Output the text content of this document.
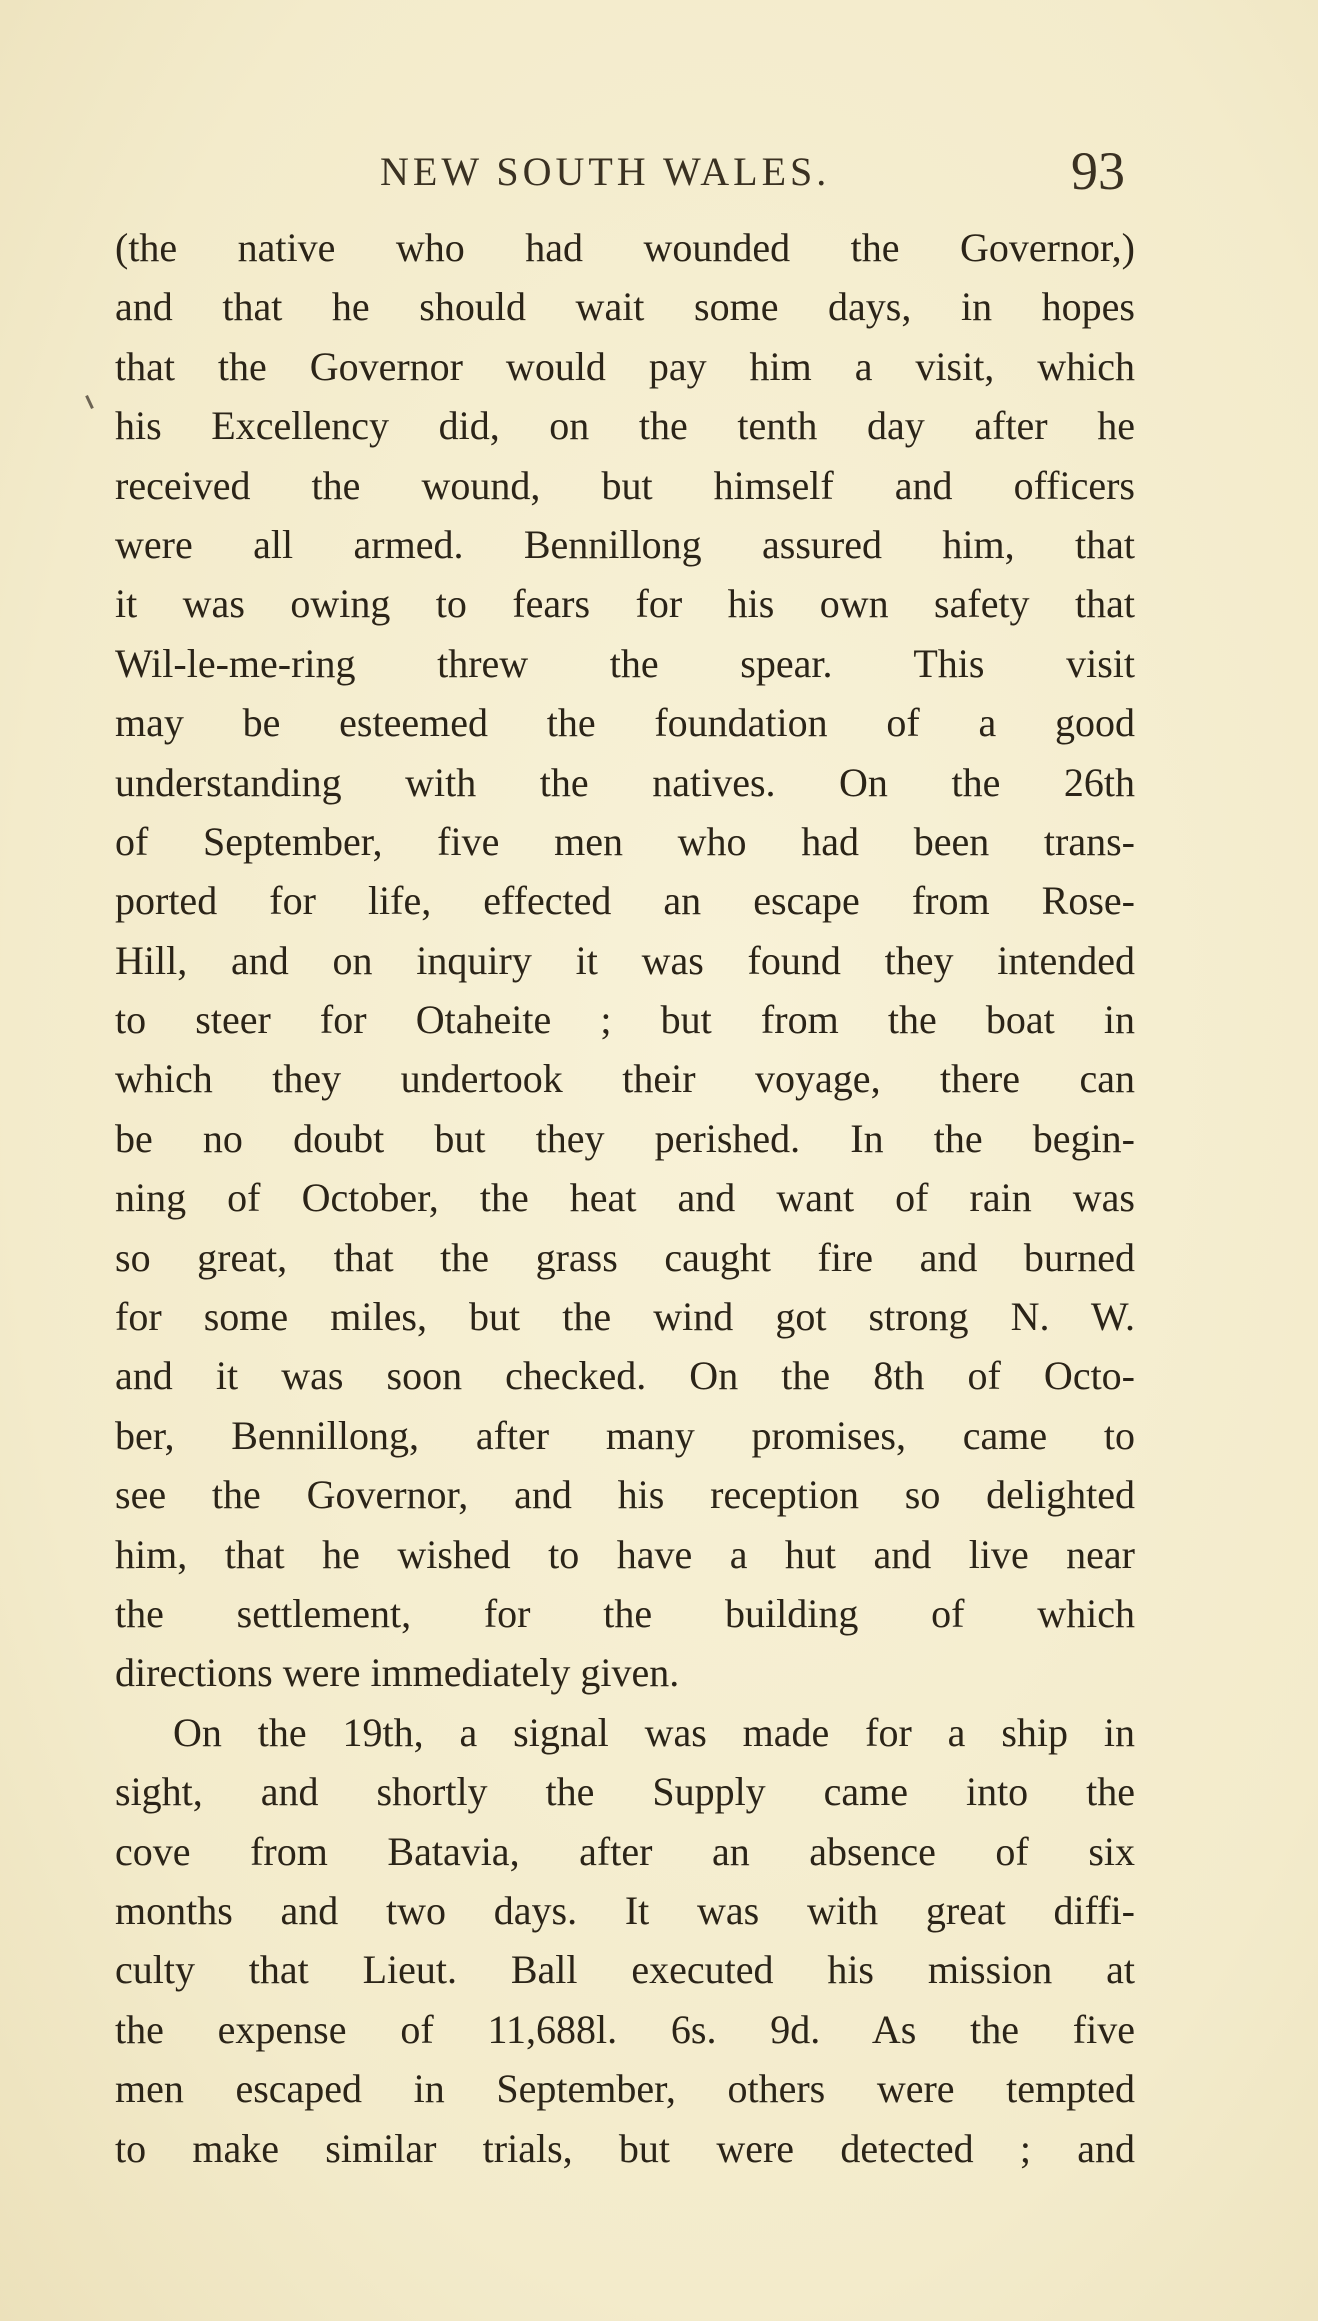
NEW SOUTH WALES.	93
(the native who had wounded the Governor,)
and that he should wait some days, in hopes
that the Governor would pay him a visit, which
his Excellency did, on the tenth day after he
received the wound, but himself and officers
were all armed. Bennillong assured him, that
it was owing to fears for his own safety that
Wil-le-me-ring threw the spear. This visit
may be esteemed the foundation of a good
understanding with the natives. On the 26th
of September, five men who had been trans-
ported for life, effected an escape from Rose-
Hill, and on inquiry it was found they intended
to steer for Otaheite ; but from the boat in
which they undertook their voyage, there can
be no doubt but they perished. In the begin-
ning of October, the heat and want of rain was
so great, that the grass caught fire and burned
for some miles, but the wind got strong N. W.
and it was soon checked. On the 8th of Octo-
ber, Bennillong, after many promises, came to
see the Governor, and his reception so delighted
him, that he wished to have a hut and live near
the settlement, for the building of which
directions were immediately given.
On the 19th, a signal was made for a ship in
sight, and shortly the Supply came into the
cove from Batavia, after an absence of six
months and two days. It was with great diffi-
culty that Lieut. Ball executed his mission at
the expense of 11,688l. 6s. 9d. As the five
men escaped in September, others were tempted
to make similar trials, but were detected ; and
